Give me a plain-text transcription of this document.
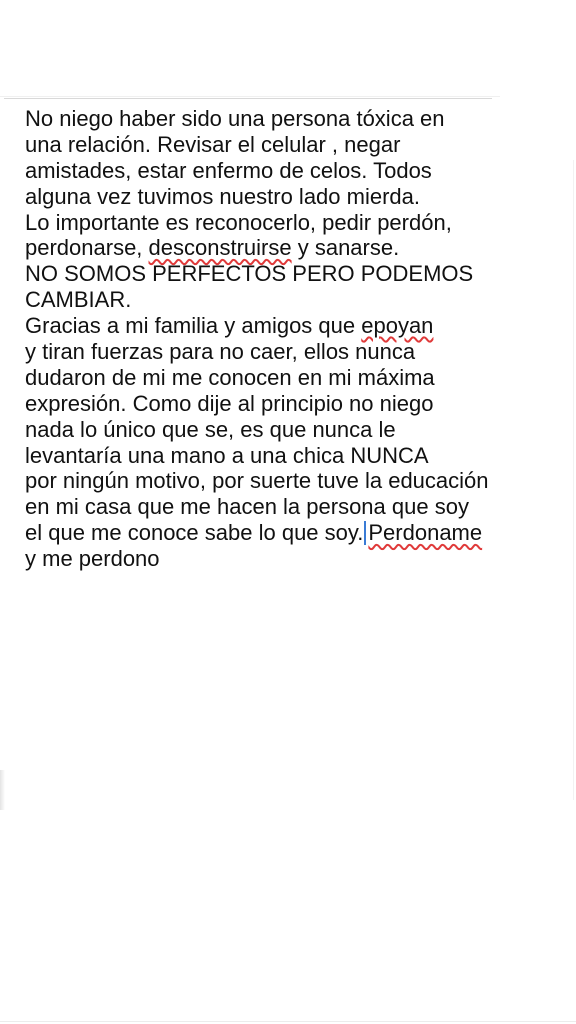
No niego haber sido una persona tóxica en
una relación. Revisar el celular , negar
amistades, estar enfermo de celos. Todos
alguna vez tuvimos nuestro lado mierda.
Lo importante es reconocerlo, pedir perdón,
perdonarse, desconstruirse y sanarse.
NO SOMOS PERFECTOS PERO PODEMOS
CAMBIAR.
Gracias a mi familia y amigos que epoyan
y tiran fuerzas para no caer, ellos nunca
dudaron de mi me conocen en mi máxima
expresión. Como dije al principio no niego
nada lo único que se, es que nunca le
levantaría una mano a una chica NUNCA
por ningún motivo, por suerte tuve la educación
en mi casa que me hacen la persona que soy
el que me conoce sabe lo que soy. Perdoname
y me perdono
